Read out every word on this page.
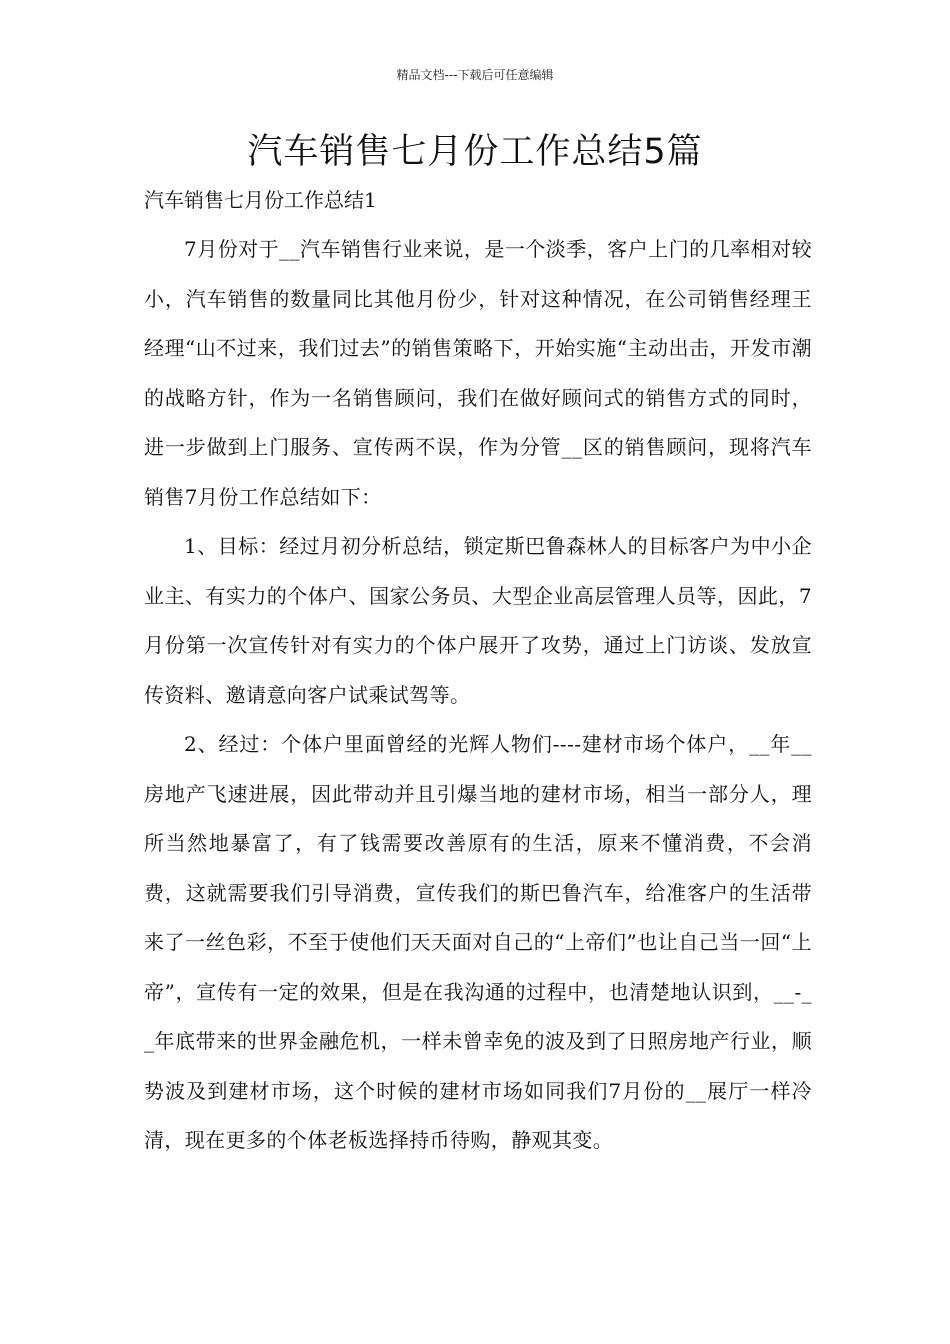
精品文档---下载后可任意编辑
汽车销售七月份工作总结5篇
汽车销售七月份工作总结1

7月份对于__汽车销售行业来说，是一个淡季，客户上门的几率相对较小，汽车销售的数量同比其他月份少，针对这种情况，在公司销售经理王经理“山不过来，我们过去”的销售策略下，开始实施“主动出击，开发市潮的战略方针，作为一名销售顾问，我们在做好顾问式的销售方式的同时，进一步做到上门服务、宣传两不误，作为分管__区的销售顾问，现将汽车销售7月份工作总结如下：

1、目标：经过月初分析总结，锁定斯巴鲁森林人的目标客户为中小企业主、有实力的个体户、国家公务员、大型企业高层管理人员等，因此，7月份第一次宣传针对有实力的个体户展开了攻势，通过上门访谈、发放宣传资料、邀请意向客户试乘试驾等。

2、经过：个体户里面曾经的光辉人物们----建材市场个体户，__年__房地产飞速进展，因此带动并且引爆当地的建材市场，相当一部分人，理所当然地暴富了，有了钱需要改善原有的生活，原来不懂消费，不会消费，这就需要我们引导消费，宣传我们的斯巴鲁汽车，给准客户的生活带来了一丝色彩，不至于使他们天天面对自己的“上帝们”也让自己当一回“上帝”，宣传有一定的效果，但是在我沟通的过程中，也清楚地认识到，__-__年底带来的世界金融危机，一样未曾幸免的波及到了日照房地产行业，顺势波及到建材市场，这个时候的建材市场如同我们7月份的__展厅一样冷清，现在更多的个体老板选择持币待购，静观其变。
